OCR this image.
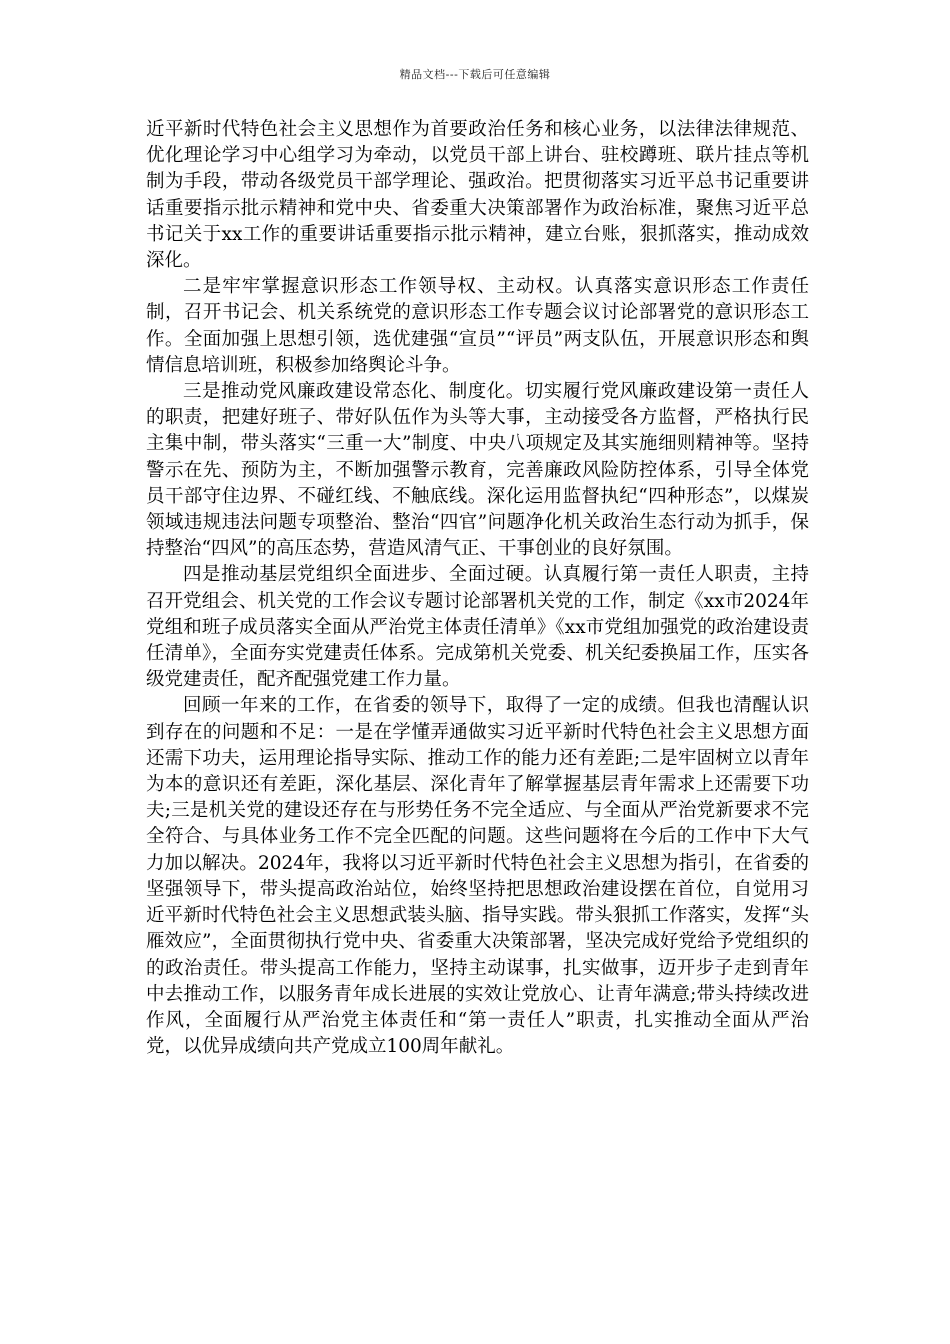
精品文档---下载后可任意编辑

近平新时代特色社会主义思想作为首要政治任务和核心业务，以法律法律规范、优化理论学习中心组学习为牵动，以党员干部上讲台、驻校蹲班、联片挂点等机制为手段，带动各级党员干部学理论、强政治。把贯彻落实习近平总书记重要讲话重要指示批示精神和党中央、省委重大决策部署作为政治标准，聚焦习近平总书记关于xx工作的重要讲话重要指示批示精神，建立台账，狠抓落实，推动成效深化。

二是牢牢掌握意识形态工作领导权、主动权。认真落实意识形态工作责任制，召开书记会、机关系统党的意识形态工作专题会议讨论部署党的意识形态工作。全面加强上思想引领，选优建强“宣员”“评员”两支队伍，开展意识形态和舆情信息培训班，积极参加络舆论斗争。

三是推动党风廉政建设常态化、制度化。切实履行党风廉政建设第一责任人的职责，把建好班子、带好队伍作为头等大事，主动接受各方监督，严格执行民主集中制，带头落实“三重一大”制度、中央八项规定及其实施细则精神等。坚持警示在先、预防为主，不断加强警示教育，完善廉政风险防控体系，引导全体党员干部守住边界、不碰红线、不触底线。深化运用监督执纪“四种形态”，以煤炭领域违规违法问题专项整治、整治“四官”问题净化机关政治生态行动为抓手，保持整治“四风”的高压态势，营造风清气正、干事创业的良好氛围。

四是推动基层党组织全面进步、全面过硬。认真履行第一责任人职责，主持召开党组会、机关党的工作会议专题讨论部署机关党的工作，制定《xx市2024年党组和班子成员落实全面从严治党主体责任清单》《xx市党组加强党的政治建设责任清单》，全面夯实党建责任体系。完成第机关党委、机关纪委换届工作，压实各级党建责任，配齐配强党建工作力量。

回顾一年来的工作，在省委的领导下，取得了一定的成绩。但我也清醒认识到存在的问题和不足：一是在学懂弄通做实习近平新时代特色社会主义思想方面还需下功夫，运用理论指导实际、推动工作的能力还有差距;二是牢固树立以青年为本的意识还有差距，深化基层、深化青年了解掌握基层青年需求上还需要下功夫;三是机关党的建设还存在与形势任务不完全适应、与全面从严治党新要求不完全符合、与具体业务工作不完全匹配的问题。这些问题将在今后的工作中下大气力加以解决。2024年，我将以习近平新时代特色社会主义思想为指引，在省委的坚强领导下，带头提高政治站位，始终坚持把思想政治建设摆在首位，自觉用习近平新时代特色社会主义思想武装头脑、指导实践。带头狠抓工作落实，发挥“头雁效应”，全面贯彻执行党中央、省委重大决策部署，坚决完成好党给予党组织的的政治责任。带头提高工作能力，坚持主动谋事，扎实做事，迈开步子走到青年中去推动工作，以服务青年成长进展的实效让党放心、让青年满意;带头持续改进作风，全面履行从严治党主体责任和“第一责任人”职责，扎实推动全面从严治党，以优异成绩向共产党成立100周年献礼。
